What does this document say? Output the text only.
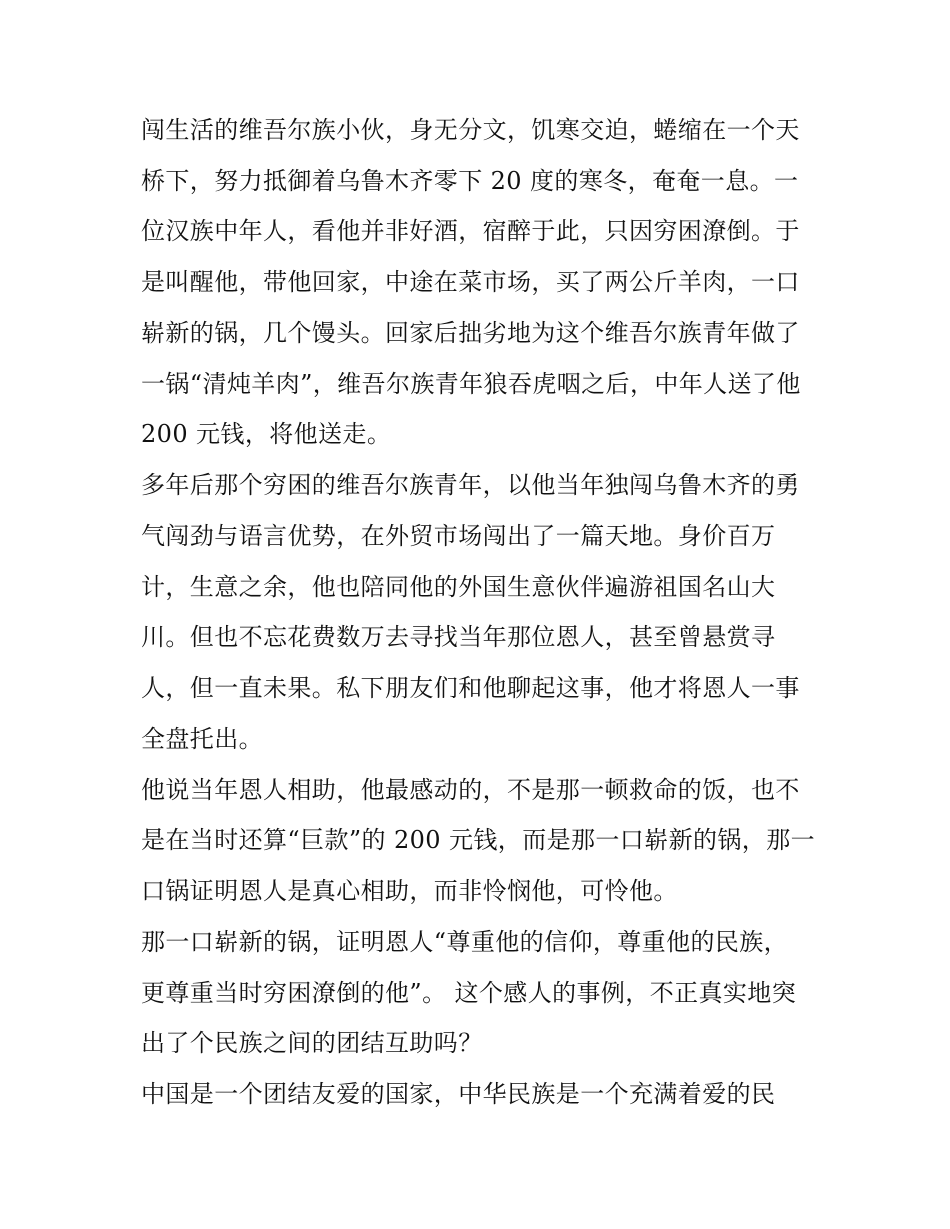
闯生活的维吾尔族小伙，身无分文，饥寒交迫，蜷缩在一个天
桥下，努力抵御着乌鲁木齐零下 20 度的寒冬，奄奄一息。一
位汉族中年人，看他并非好酒，宿醉于此，只因穷困潦倒。于
是叫醒他，带他回家，中途在菜市场，买了两公斤羊肉，一口
崭新的锅，几个馒头。回家后拙劣地为这个维吾尔族青年做了
一锅“清炖羊肉”，维吾尔族青年狼吞虎咽之后，中年人送了他
200 元钱，将他送走。
多年后那个穷困的维吾尔族青年，以他当年独闯乌鲁木齐的勇
气闯劲与语言优势，在外贸市场闯出了一篇天地。身价百万
计，生意之余，他也陪同他的外国生意伙伴遍游祖国名山大
川。但也不忘花费数万去寻找当年那位恩人，甚至曾悬赏寻
人，但一直未果。私下朋友们和他聊起这事，他才将恩人一事
全盘托出。
他说当年恩人相助，他最感动的，不是那一顿救命的饭，也不
是在当时还算“巨款”的 200 元钱，而是那一口崭新的锅，那一
口锅证明恩人是真心相助，而非怜悯他，可怜他。
那一口崭新的锅，证明恩人“尊重他的信仰，尊重他的民族，
更尊重当时穷困潦倒的他”。 这个感人的事例，不正真实地突
出了个民族之间的团结互助吗？
中国是一个团结友爱的国家，中华民族是一个充满着爱的民
